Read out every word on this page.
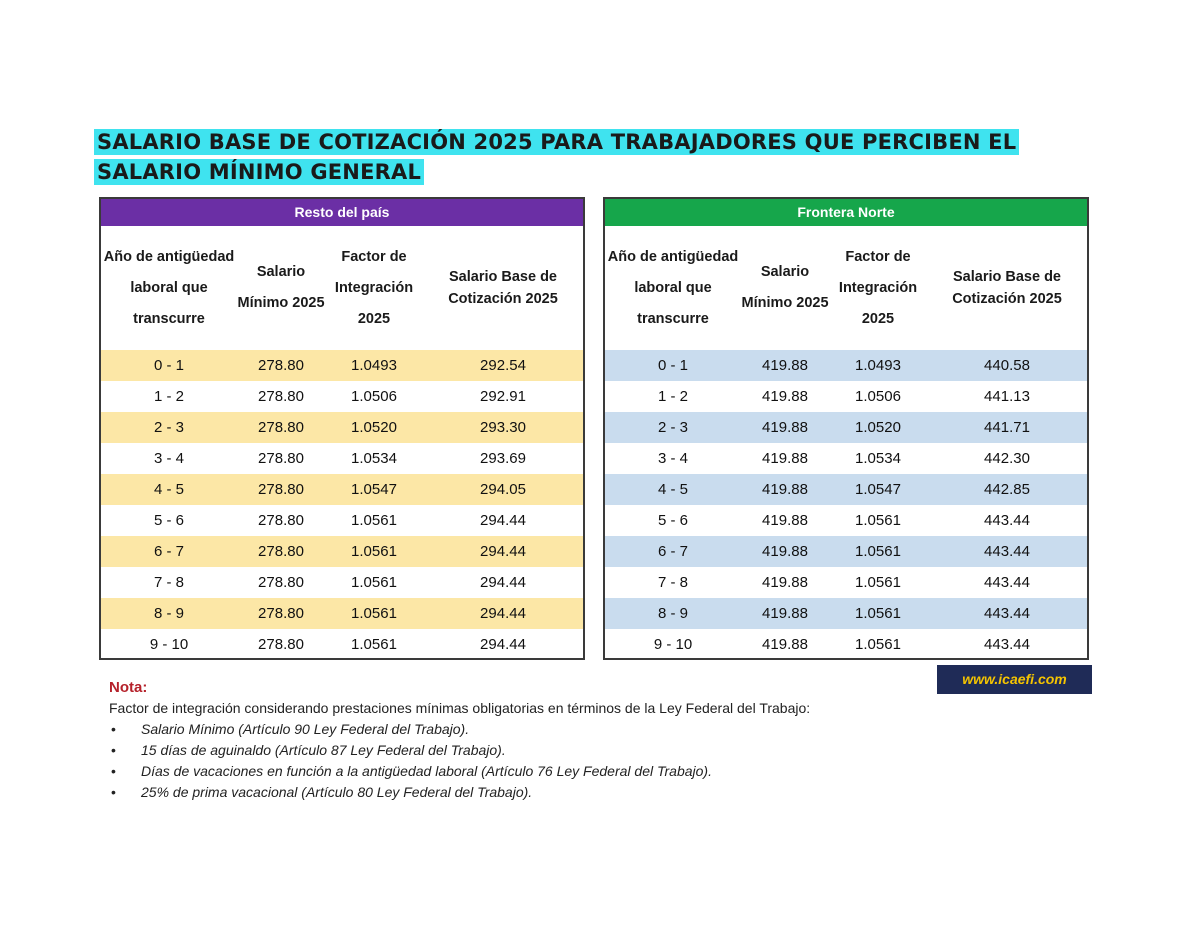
SALARIO BASE DE COTIZACIÓN 2025 PARA TRABAJADORES QUE PERCIBEN EL SALARIO MÍNIMO GENERAL
Resto del país
Año de antigüedad laboral que transcurre
Salario Mínimo 2025
Factor de Integración 2025
Salario Base de Cotización 2025
0 - 1	278.80	1.0493	292.54
1 - 2	278.80	1.0506	292.91
2 - 3	278.80	1.0520	293.30
3 - 4	278.80	1.0534	293.69
4 - 5	278.80	1.0547	294.05
5 - 6	278.80	1.0561	294.44
6 - 7	278.80	1.0561	294.44
7 - 8	278.80	1.0561	294.44
8 - 9	278.80	1.0561	294.44
9 - 10	278.80	1.0561	294.44
Frontera Norte
Año de antigüedad laboral que transcurre
Salario Mínimo 2025
Factor de Integración 2025
Salario Base de Cotización 2025
0 - 1	419.88	1.0493	440.58
1 - 2	419.88	1.0506	441.13
2 - 3	419.88	1.0520	441.71
3 - 4	419.88	1.0534	442.30
4 - 5	419.88	1.0547	442.85
5 - 6	419.88	1.0561	443.44
6 - 7	419.88	1.0561	443.44
7 - 8	419.88	1.0561	443.44
8 - 9	419.88	1.0561	443.44
9 - 10	419.88	1.0561	443.44
www.icaefi.com
Nota:
Factor de integración considerando prestaciones mínimas obligatorias en términos de la Ley Federal del Trabajo:
• Salario Mínimo (Artículo 90 Ley Federal del Trabajo).
• 15 días de aguinaldo (Artículo 87 Ley Federal del Trabajo).
• Días de vacaciones en función a la antigüedad laboral (Artículo 76 Ley Federal del Trabajo).
• 25% de prima vacacional (Artículo 80 Ley Federal del Trabajo).
